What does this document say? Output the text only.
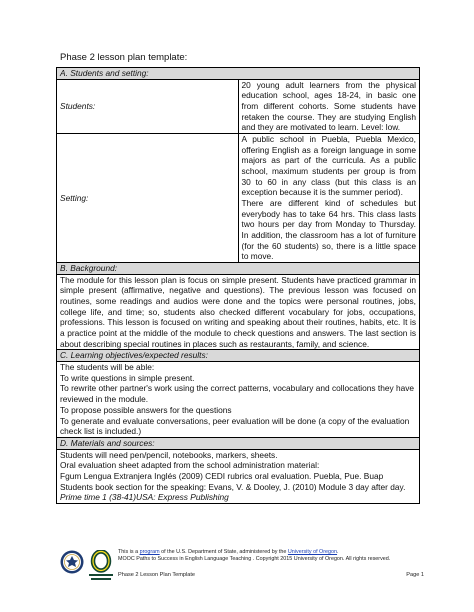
Phase 2 lesson plan template:
A. Students and setting:	
Students:	20 young adult learners from the physical education school, ages 18-24, in basic one from different cohorts. Some students have retaken the course. They are studying English and they are motivated to learn. Level: low.
Setting:	A public school in Puebla, Puebla Mexico, offering English as a foreign language in some majors as part of the curricula. As a public school, maximum students per group is from 30 to 60 in any class (but this class is an exception because it is the summer period).
There are different kind of schedules but everybody has to take 64 hrs. This class lasts two hours per day from Monday to Thursday. In addition, the classroom has a lot of furniture (for the 60 students) so, there is a little space to move.

B. Background:	
The module for this lesson plan is focus on simple present. Students have practiced grammar in simple present (affirmative, negative and questions). The previous lesson was focused on routines, some readings and audios were done and the topics were personal routines, jobs, college life, and time; so, students also checked different vocabulary for jobs, occupations, professions. This lesson is focused on writing and speaking about their routines, habits, etc. It is a practice point at the middle of the module to check questions and answers. The last section is about describing special routines in places such as restaurants, family, and science.	
C. Learning objectives/expected results:	

The students will be able:
To write questions in simple present.
To rewrite other partner's work using the correct patterns, vocabulary and collocations they have reviewed in the module.
To propose possible answers for the questions
To generate and evaluate conversations, peer evaluation will be done (a copy of the evaluation check list is included.)	

D. Materials and sources:	

Students will need pen/pencil, notebooks, markers, sheets.
Oral evaluation sheet adapted from the school administration material:
Fgum Lengua Extranjera Inglés (2009) CEDI rubrics oral evaluation. Puebla, Pue. Buap
Students book section for the speaking: Evans, V. & Dooley, J. (2010) Module 3 day after day. Prime time 1 (38-41)USA: Express Publishing	
This is a program of the U.S. Department of State, administered by the University of Oregon.
MOOC Paths to Success in English Language Teaching . Copyright 2015 University of Oregon. All rights reserved.
Phase 2 Lesson Plan Template	Page 1
